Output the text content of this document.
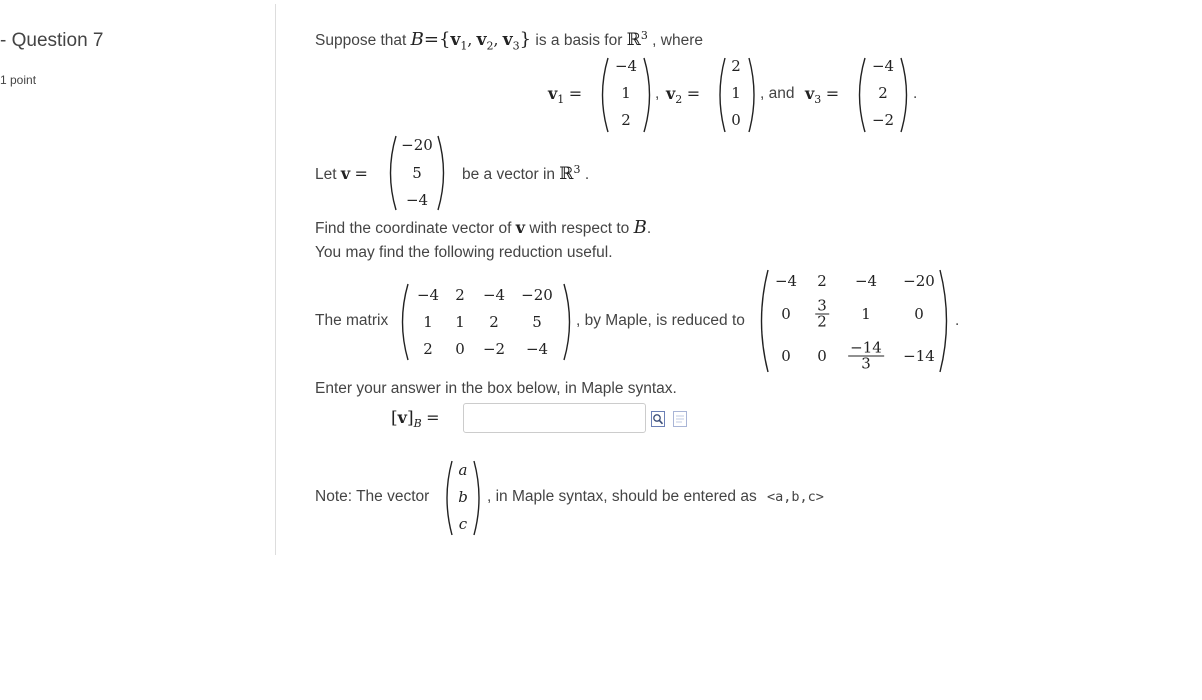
- Question 7
1 point
Suppose that $B=\{v_1$, $v_2$, $v_3$} is a basis for ℝ$^3$ , where
$v_1$ =
−4
1
2
, $v_2$ =
2
1
0
, and $v_3$ =
−4
2
−2
.
Let v =
−20
5
−4
be a vector in ℝ$^3$ .
Find the coordinate vector of v with respect to B.
You may find the following reduction useful.
The matrix
−4 2 −4 −20
1 1 2 5
2 0 −2 −4
, by Maple, is reduced to
−4 2 −4 −20
$0 \frac{3}{2} 1$	0
0 $0 \frac{-14}{3} -14$
.
Enter your answer in the box below, in Maple syntax.
$[v]_B$ =
Note: The vector
a
b
c
, in Maple syntax, should be entered as <a,b,c>
